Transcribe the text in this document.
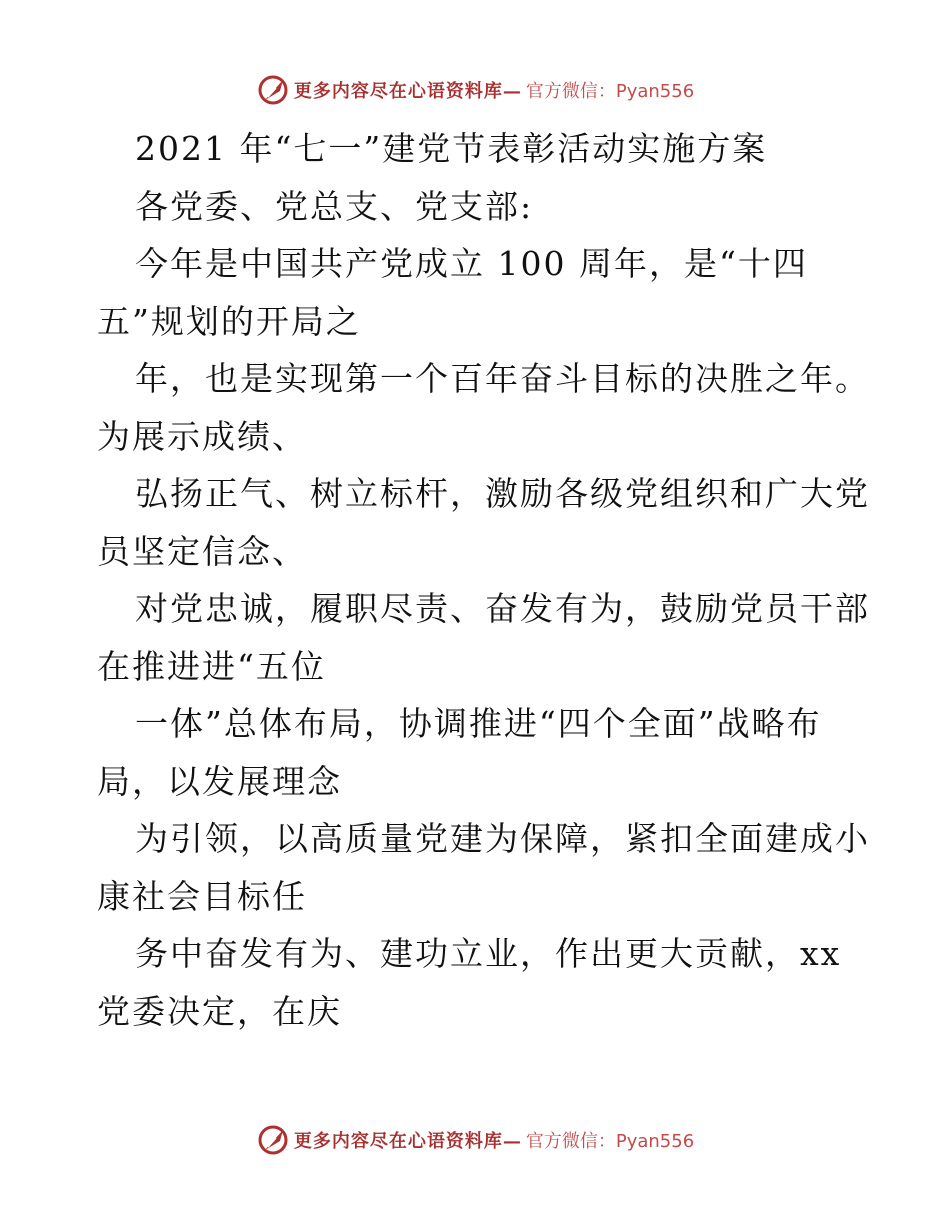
更多内容尽在心语资料库— 官方微信：Pyan556
2021 年“七一”建党节表彰活动实施方案
各党委、党总支、党支部:
今年是中国共产党成立 100 周年，是“十四
五”规划的开局之
年，也是实现第一个百年奋斗目标的决胜之年。
为展示成绩、
弘扬正气、树立标杆，激励各级党组织和广大党
员坚定信念、
对党忠诚，履职尽责、奋发有为，鼓励党员干部
在推进进“五位
一体”总体布局，协调推进“四个全面”战略布
局，以发展理念
为引领，以高质量党建为保障，紧扣全面建成小
康社会目标任
务中奋发有为、建功立业，作出更大贡献，xx
党委决定，在庆
更多内容尽在心语资料库— 官方微信：Pyan556
